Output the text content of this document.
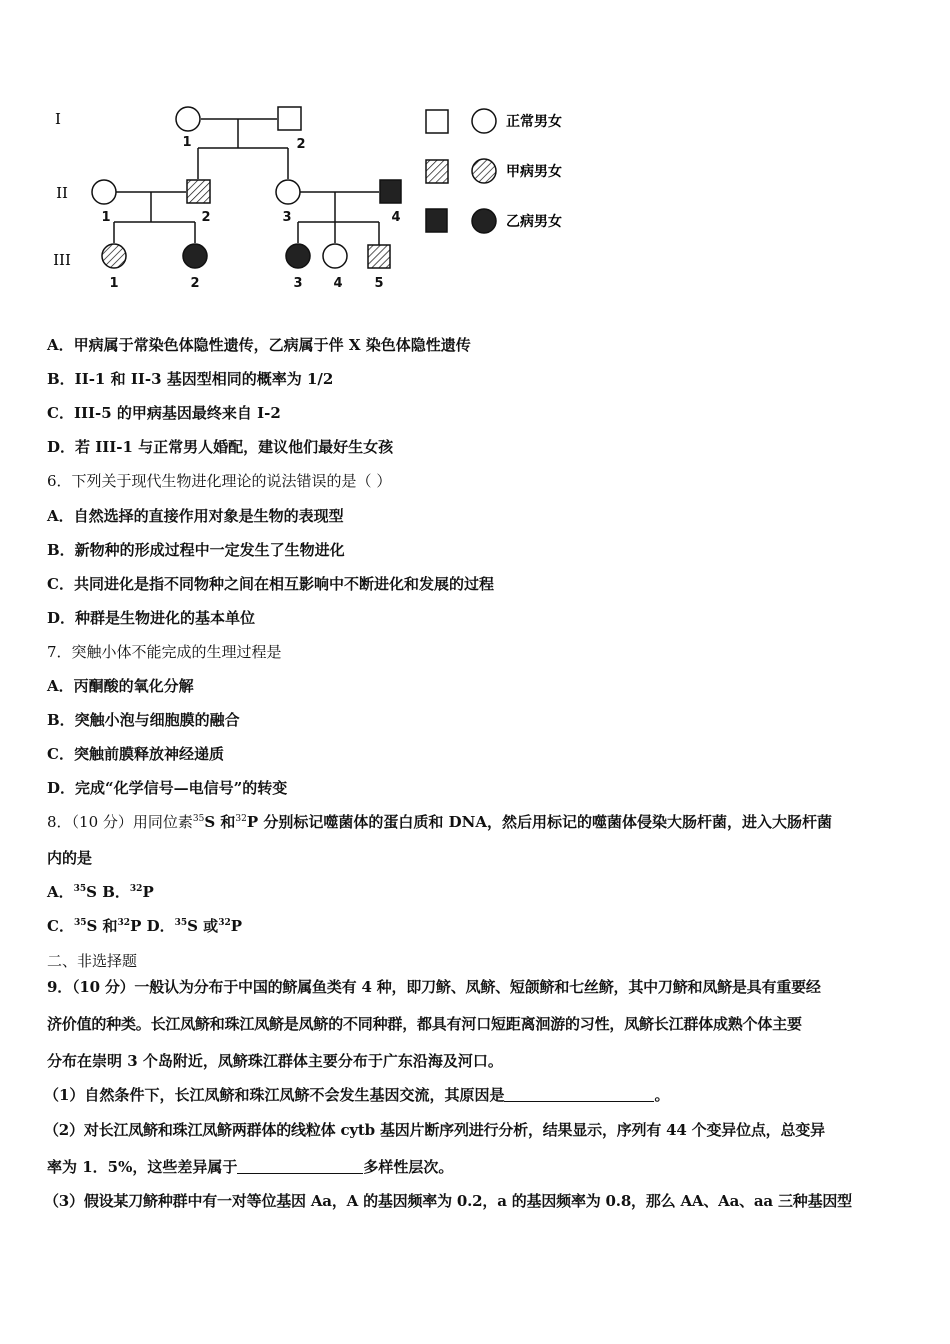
I
II
III
1	2
1	2	3	4
1	2	3 4 5
正常男女
甲病男女
乙病男女
A．甲病属于常染色体隐性遗传，乙病属于伴 X 染色体隐性遗传
B．II-1 和 II-3 基因型相同的概率为 1/2
C．III-5 的甲病基因最终来自 I-2
D．若 III-1 与正常男人婚配，建议他们最好生女孩
6．下列关于现代生物进化理论的说法错误的是（ ）
A．自然选择的直接作用对象是生物的表现型
B．新物种的形成过程中一定发生了生物进化
C．共同进化是指不同物种之间在相互影响中不断进化和发展的过程
D．种群是生物进化的基本单位
7．突触小体不能完成的生理过程是
A．丙酮酸的氧化分解
B．突触小泡与细胞膜的融合
C．突触前膜释放神经递质
D．完成“化学信号—电信号”的转变
8．（10 分）用同位素$^{35}$S 和$^{32}$P 分别标记噬菌体的蛋白质和 DNA，然后用标记的噬菌体侵染大肠杆菌，进入大肠杆菌
内的是
A．$^{35}$S B．$^{32}$P
C．$^{35}$S 和$^{32}$P D．$^{35}$S 或$^{32}$P
二、非选择题
9．（10 分）一般认为分布于中国的鲚属鱼类有 4 种，即刀鲚、凤鲚、短颌鲚和七丝鲚，其中刀鲚和凤鲚是具有重要经
济价值的种类。长江凤鲚和珠江凤鲚是凤鲚的不同种群，都具有河口短距离洄游的习性，凤鲚长江群体成熟个体主要
分布在崇明 3 个岛附近，凤鲚珠江群体主要分布于广东沿海及河口。
（1）自然条件下，长江凤鲚和珠江凤鲚不会发生基因交流，其原因是	。
（2）对长江凤鲚和珠江凤鲚两群体的线粒体 cytb 基因片断序列进行分析，结果显示，序列有 44 个变异位点，总变异
率为 1．5%，这些差异属于	多样性层次。
（3）假设某刀鲚种群中有一对等位基因 Aa，A 的基因频率为 0.2，a 的基因频率为 0.8，那么 AA、Aa、aa 三种基因型
